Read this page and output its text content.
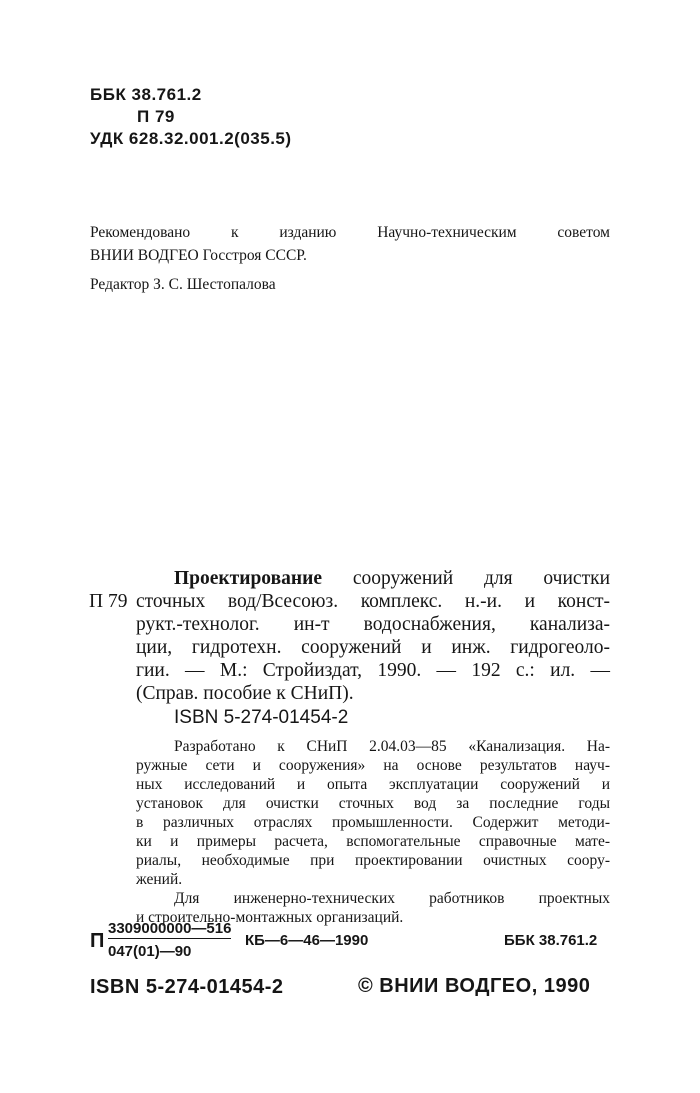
ББК 38.761.2
П 79
УДК 628.32.001.2(035.5)
Рекомендовано к изданию Научно-техническим советом
ВНИИ ВОДГЕО Госстроя СССР.
Редактор З. С. Шестопалова
Проектирование сооружений для очистки
П 79 сточных вод/Всесоюз. комплекс. н.-и. и конст-
рукт.-технолог. ин-т водоснабжения, канализа-
ции, гидротехн. сооружений и инж. гидрогеоло-
гии. — М.: Стройиздат, 1990. — 192 с.: ил. —
(Справ. пособие к СНиП).
ISBN 5-274-01454-2
Разработано к СНиП 2.04.03—85 «Канализация. На-
ружные сети и сооружения» на основе результатов науч-
ных исследований и опыта эксплуатации сооружений и
установок для очистки сточных вод за последние годы
в различных отраслях промышленности. Содержит методи-
ки и примеры расчета, вспомогательные справочные мате-
риалы, необходимые при проектировании очистных соору-
жений.
Для инженерно-технических работников проектных
и строительно-монтажных организаций.
П $\frac{3309000000—516}{047(01)—90}$ КБ—6—46—1990	ББК 38.761.2
ISBN 5-274-01454-2	© ВНИИ ВОДГЕО, 1990
